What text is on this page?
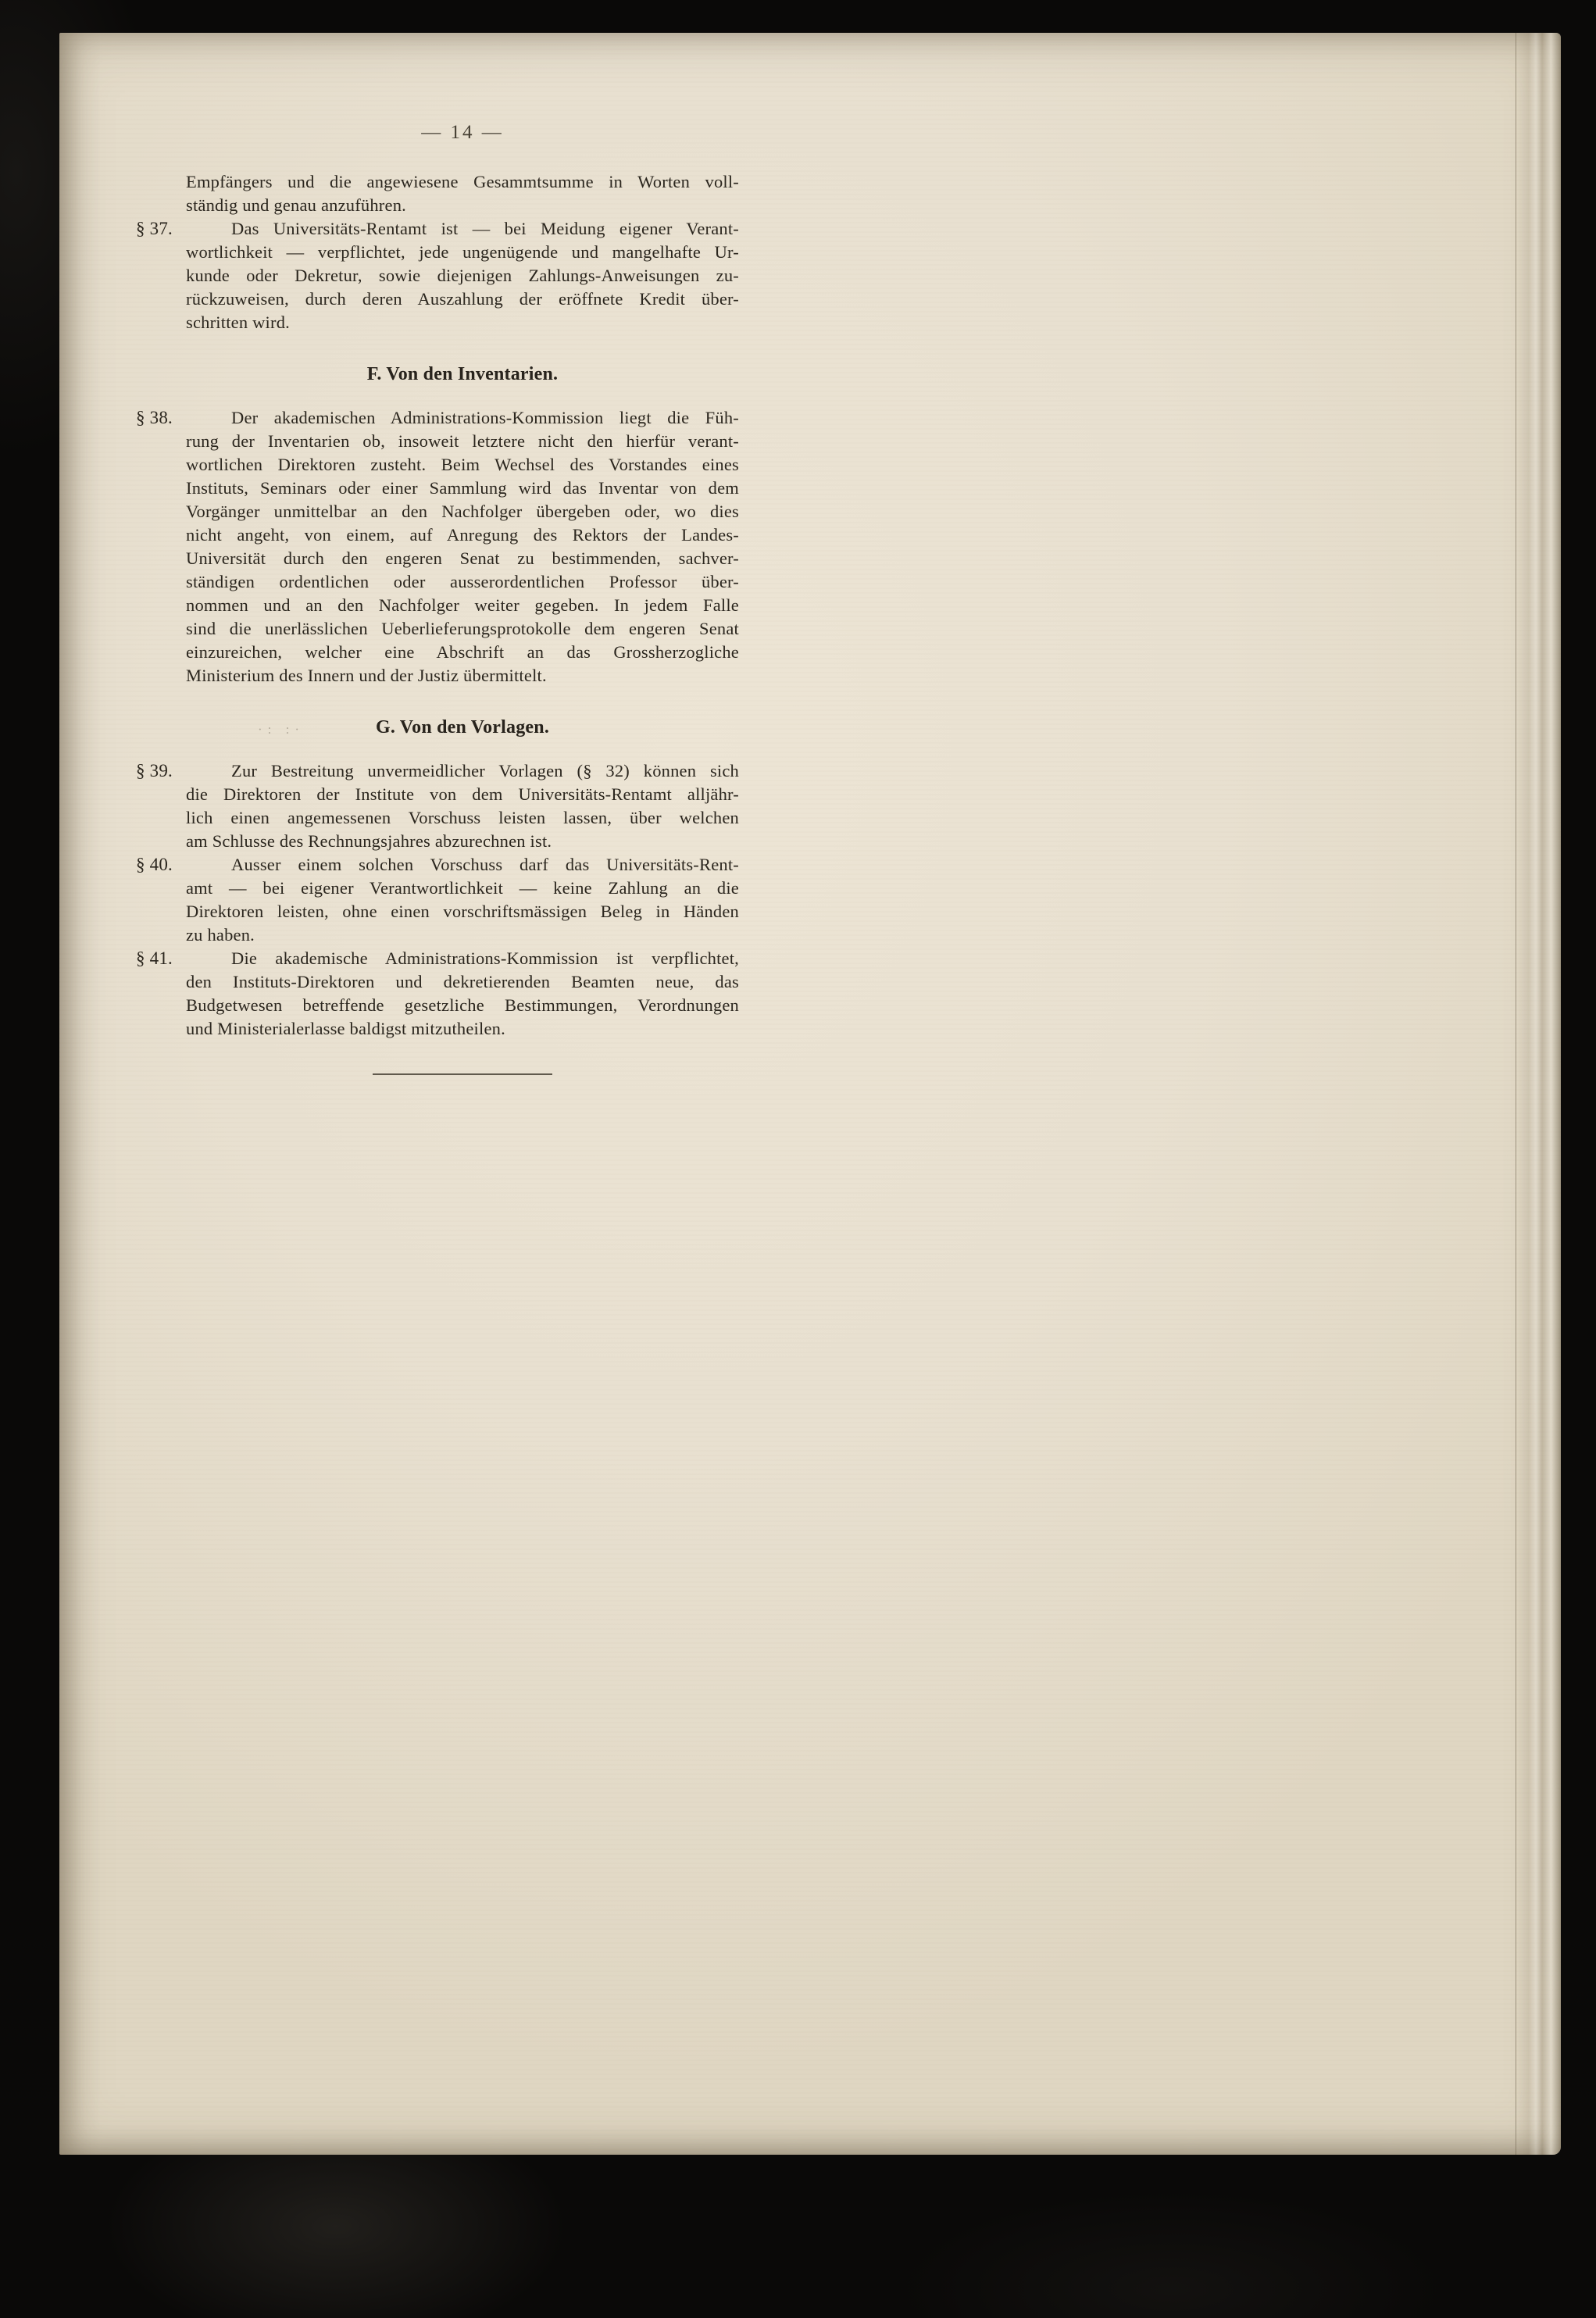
— 14 —
Empfängers und die angewiesene Gesammtsumme in Worten voll-
ständig und genau anzuführen.
§ 37.	Das Universitäts-Rentamt ist — bei Meidung eigener Verant-
wortlichkeit — verpflichtet, jede ungenügende und mangelhafte Ur-
kunde oder Dekretur, sowie diejenigen Zahlungs-Anweisungen zu-
rückzuweisen, durch deren Auszahlung der eröffnete Kredit über-
schritten wird.
F. Von den Inventarien.
§ 38.	Der akademischen Administrations-Kommission liegt die Füh-
rung der Inventarien ob, insoweit letztere nicht den hierfür verant-
wortlichen Direktoren zusteht. Beim Wechsel des Vorstandes eines
Instituts, Seminars oder einer Sammlung wird das Inventar von dem
Vorgänger unmittelbar an den Nachfolger übergeben oder, wo dies
nicht angeht, von einem, auf Anregung des Rektors der Landes-
Universität durch den engeren Senat zu bestimmenden, sachver-
ständigen ordentlichen oder ausserordentlichen Professor über-
nommen und an den Nachfolger weiter gegeben. In jedem Falle
sind die unerlässlichen Ueberlieferungsprotokolle dem engeren Senat
einzureichen, welcher eine Abschrift an das Grossherzogliche
Ministerium des Innern und der Justiz übermittelt.
·: :·	G. Von den Vorlagen.
§ 39.	Zur Bestreitung unvermeidlicher Vorlagen (§ 32) können sich
die Direktoren der Institute von dem Universitäts-Rentamt alljähr-
lich einen angemessenen Vorschuss leisten lassen, über welchen
am Schlusse des Rechnungsjahres abzurechnen ist.
§ 40.	Ausser einem solchen Vorschuss darf das Universitäts-Rent-
amt — bei eigener Verantwortlichkeit — keine Zahlung an die
Direktoren leisten, ohne einen vorschriftsmässigen Beleg in Händen
zu haben.
§ 41.	Die akademische Administrations-Kommission ist verpflichtet,
den Instituts-Direktoren und dekretierenden Beamten neue, das
Budgetwesen betreffende gesetzliche Bestimmungen, Verordnungen
und Ministerialerlasse baldigst mitzutheilen.
